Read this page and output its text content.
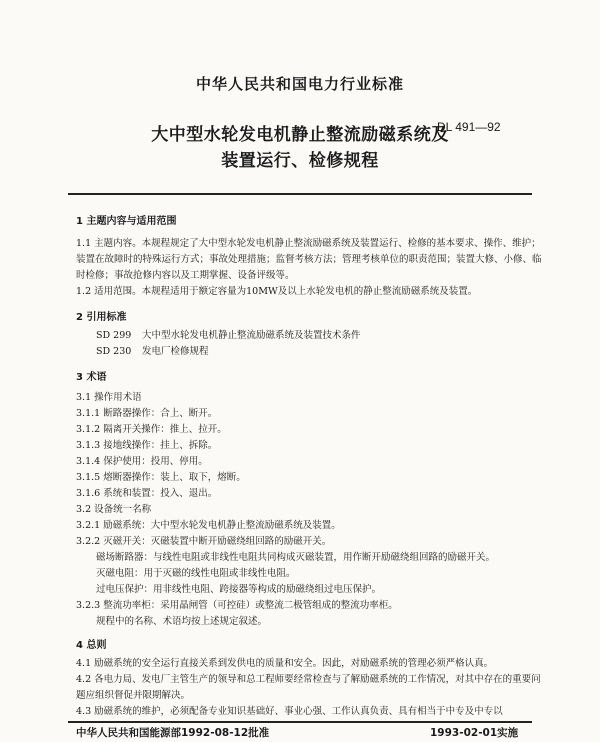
中华人民共和国电力行业标准
大中型水轮发电机静止整流励磁系统及
装置运行、检修规程
DL 491—92
1 主题内容与适用范围
1.1 主题内容。本规程规定了大中型水轮发电机静止整流励磁系统及装置运行、检修的基本要求、操作、维护；装置在故障时的特殊运行方式；事故处理措施；监督考核方法；管理考核单位的职责范围；装置大修、小修、临时检修；事故抢修内容以及工期掌握、设备评级等。
1.2 适用范围。本规程适用于额定容量为10MW及以上水轮发电机的静止整流励磁系统及装置。
2 引用标准
SD 299 大中型水轮发电机静止整流励磁系统及装置技术条件
SD 230 发电厂检修规程
3 术语
3.1 操作用术语
3.1.1 断路器操作：合上、断开。
3.1.2 隔离开关操作：推上、拉开。
3.1.3 接地线操作：挂上、拆除。
3.1.4 保护使用：投用、停用。
3.1.5 熔断器操作：装上、取下，熔断。
3.1.6 系统和装置：投入、退出。
3.2 设备统一名称
3.2.1 励磁系统：大中型水轮发电机静止整流励磁系统及装置。
3.2.2 灭磁开关：灭磁装置中断开励磁绕组回路的励磁开关。
磁场断路器：与线性电阻或非线性电阻共同构成灭磁装置，用作断开励磁绕组回路的励磁开关。
灭磁电阻：用于灭磁的线性电阻或非线性电阻。
过电压保护：用非线性电阻、跨接器等构成的励磁绕组过电压保护。
3.2.3 整流功率柜：采用晶闸管（可控硅）或整流二极管组成的整流功率柜。
规程中的名称、术语均按上述规定叙述。
4 总则
4.1 励磁系统的安全运行直接关系到发供电的质量和安全。因此，对励磁系统的管理必须严格认真。
4.2 各电力局、发电厂主管生产的领导和总工程师要经常检查与了解励磁系统的工作情况，对其中存在的重要问题应组织督促并限期解决。
4.3 励磁系统的维护，必须配备专业知识基础好、事业心强、工作认真负责、具有相当于中专及中专以
中华人民共和国能源部1992-08-12批准	1993-02-01实施
